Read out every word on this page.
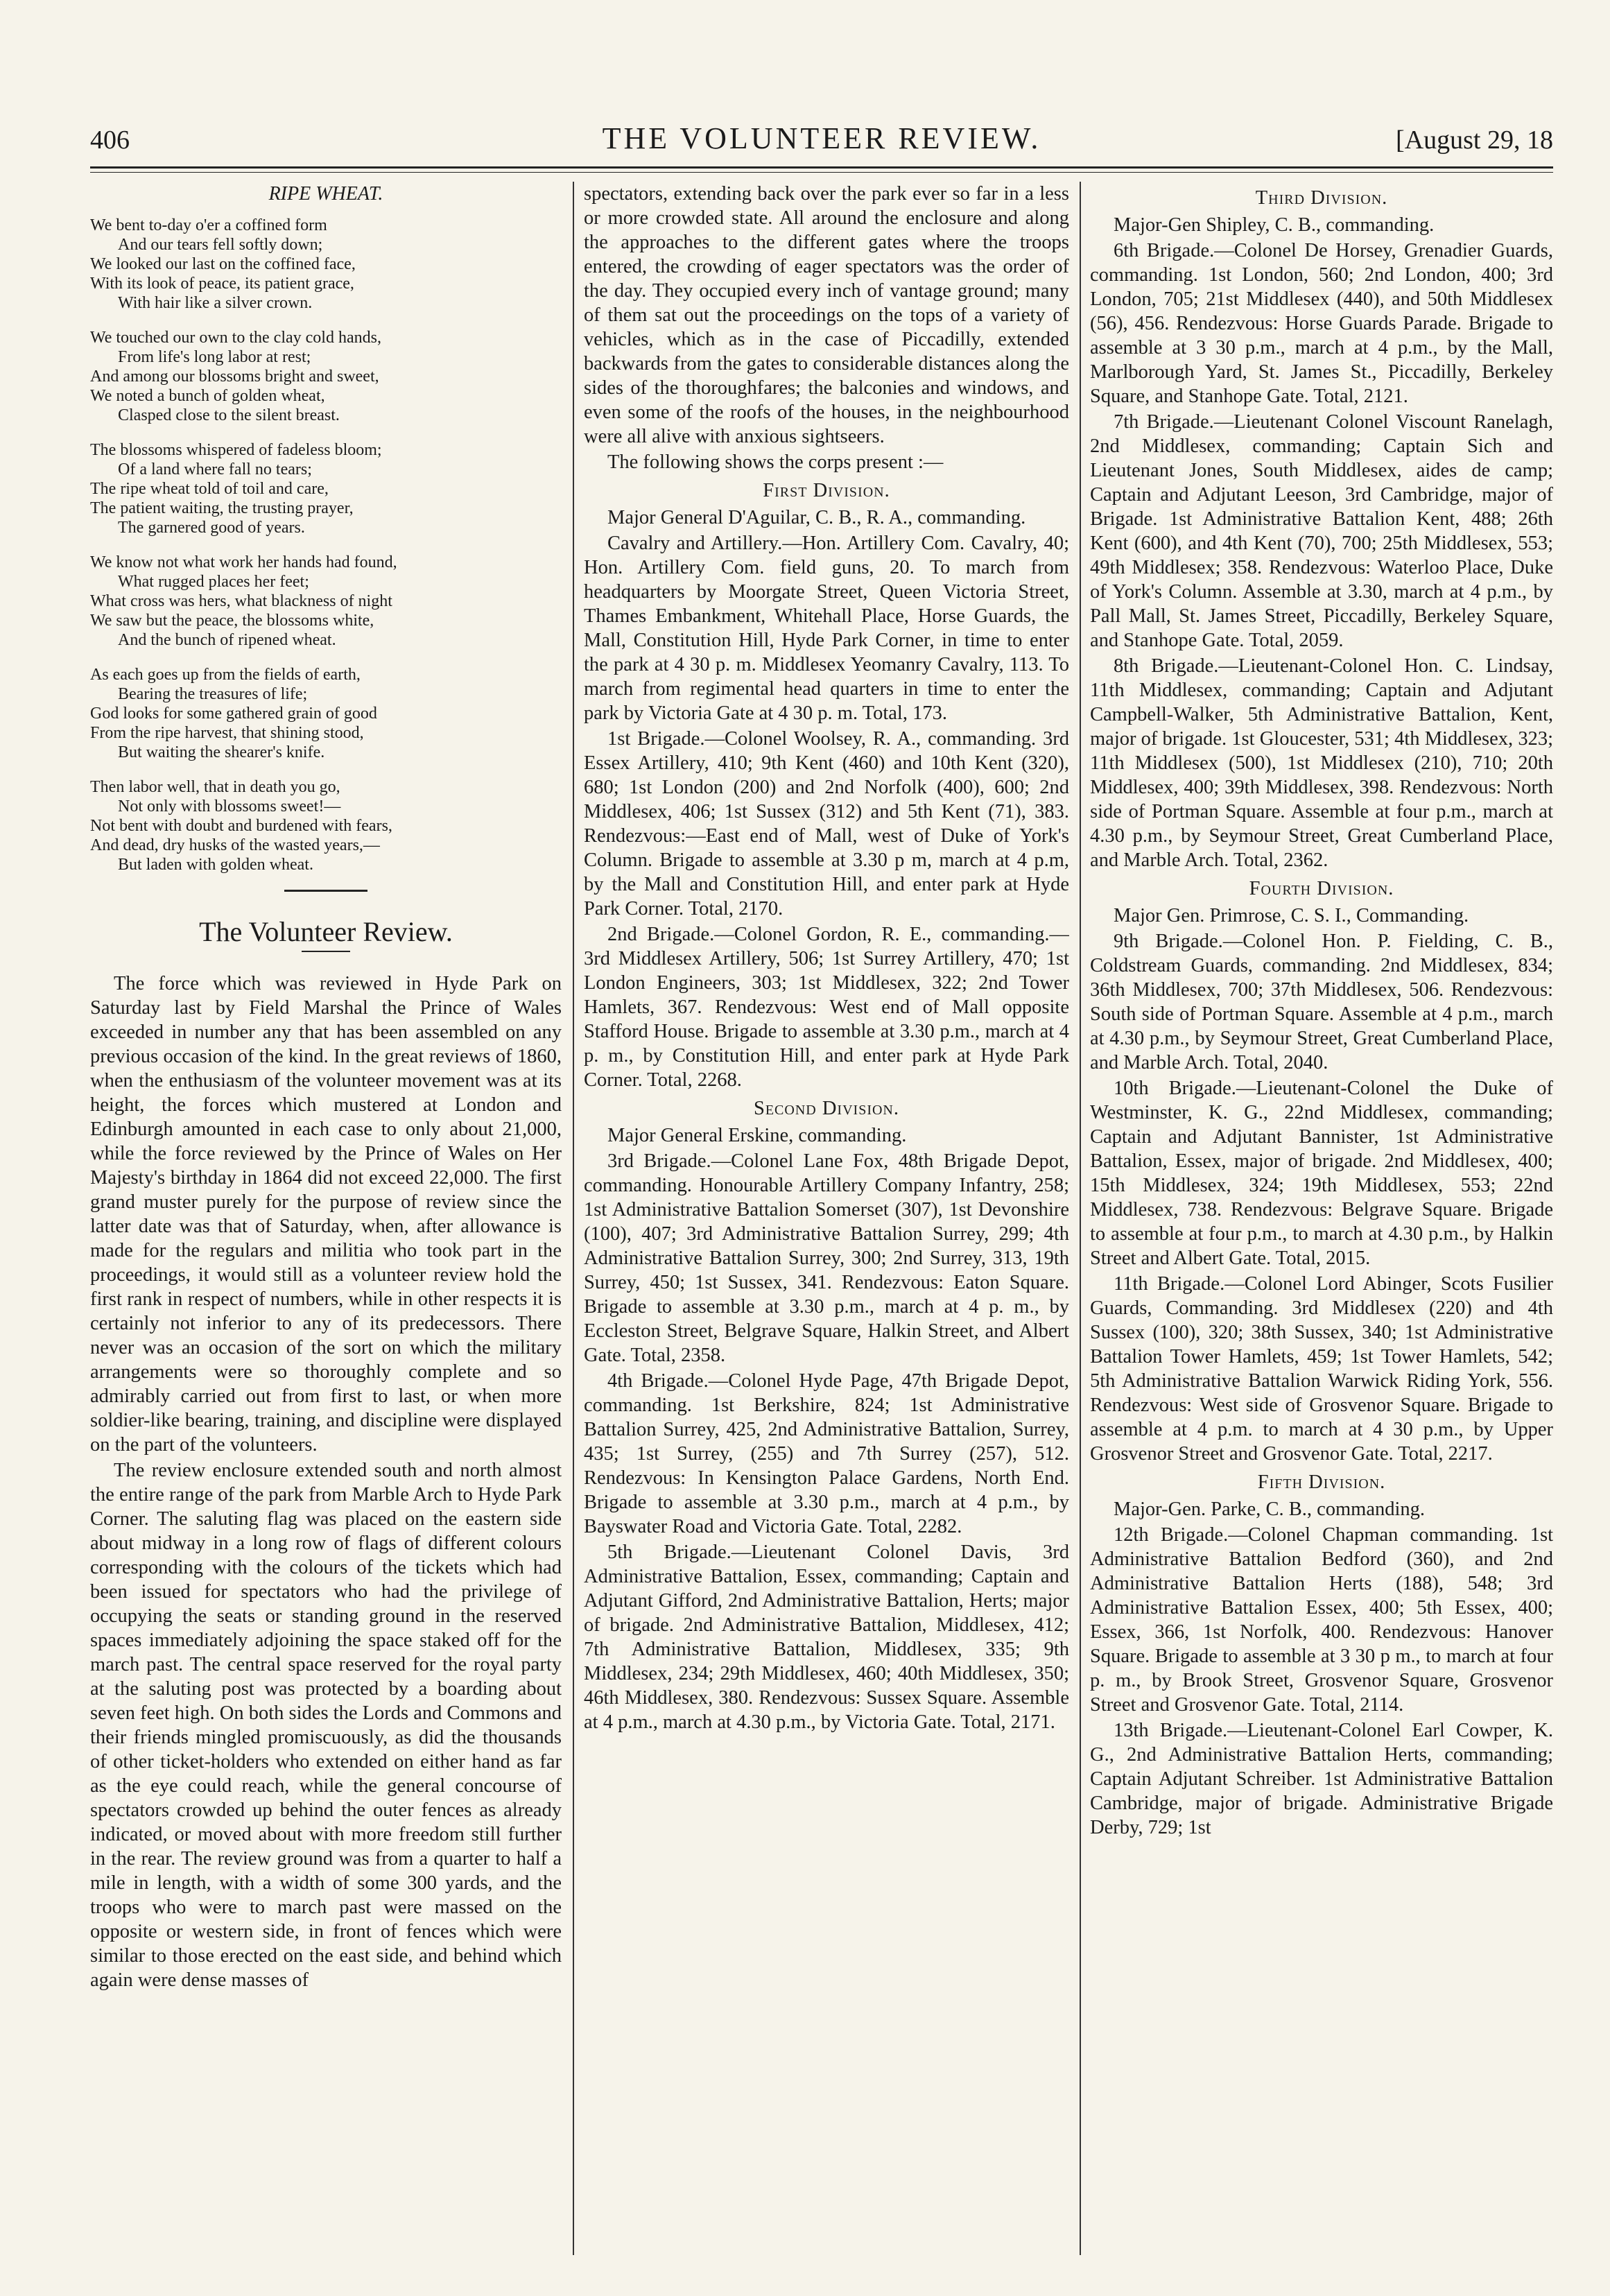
406	THE VOLUNTEER REVIEW.	[August 29, 18
RIPE WHEAT.
We bent to-day o'er a coffined form
And our tears fell softly down;
We looked our last on the coffined face,
With its look of peace, its patient grace,
With hair like a silver crown.
We touched our own to the clay cold hands,
From life's long labor at rest;
And among our blossoms bright and sweet,
We noted a bunch of golden wheat,
Clasped close to the silent breast.
The blossoms whispered of fadeless bloom;
Of a land where fall no tears;
The ripe wheat told of toil and care,
The patient waiting, the trusting prayer,
The garnered good of years.
We know not what work her hands had found,
What rugged places her feet;
What cross was hers, what blackness of night
We saw but the peace, the blossoms white,
And the bunch of ripened wheat.
As each goes up from the fields of earth,
Bearing the treasures of life;
God looks for some gathered grain of good
From the ripe harvest, that shining stood,
But waiting the shearer's knife.
Then labor well, that in death you go,
Not only with blossoms sweet!—
Not bent with doubt and burdened with fears,
And dead, dry husks of the wasted years,—
But laden with golden wheat.
The Volunteer Review.

The force which was reviewed in Hyde Park on Saturday last by Field Marshal the Prince of Wales exceeded in number any that has been assembled on any previous occasion of the kind. In the great reviews of 1860, when the enthusiasm of the volunteer movement was at its height, the forces which mustered at London and Edinburgh amounted in each case to only about 21,000, while the force reviewed by the Prince of Wales on Her Majesty's birthday in 1864 did not exceed 22,000. The first grand muster purely for the purpose of review since the latter date was that of Saturday, when, after allowance is made for the regulars and militia who took part in the proceedings, it would still as a volunteer review hold the first rank in respect of numbers, while in other respects it is certainly not inferior to any of its predecessors. There never was an occasion of the sort on which the military arrangements were so thoroughly complete and so admirably carried out from first to last, or when more soldier-like bearing, training, and discipline were displayed on the part of the volunteers.

The review enclosure extended south and north almost the entire range of the park from Marble Arch to Hyde Park Corner. The saluting flag was placed on the eastern side about midway in a long row of flags of different colours corresponding with the colours of the tickets which had been issued for spectators who had the privilege of occupying the seats or standing ground in the reserved spaces immediately adjoining the space staked off for the march past. The central space reserved for the royal party at the saluting post was protected by a boarding about seven feet high. On both sides the Lords and Commons and their friends mingled promiscuously, as did the thousands of other ticket-holders who extended on either hand as far as the eye could reach, while the general concourse of spectators crowded up behind the outer fences as already indicated, or moved about with more freedom still further in the rear. The review ground was from a quarter to half a mile in length, with a width of some 300 yards, and the troops who were to march past were massed on the opposite or western side, in front of fences which were similar to those erected on the east side, and behind which again were dense masses of

spectators, extending back over the park ever so far in a less or more crowded state. All around the enclosure and along the approaches to the different gates where the troops entered, the crowding of eager spectators was the order of the day. They occupied every inch of vantage ground; many of them sat out the proceedings on the tops of a variety of vehicles, which as in the case of Piccadilly, extended backwards from the gates to considerable distances along the sides of the thoroughfares; the balconies and windows, and even some of the roofs of the houses, in the neighbourhood were all alive with anxious sightseers.

The following shows the corps present :—

First Division.

Major General D'Aguilar, C. B., R. A., commanding.

Cavalry and Artillery.—Hon. Artillery Com. Cavalry, 40; Hon. Artillery Com. field guns, 20. To march from headquarters by Moorgate Street, Queen Victoria Street, Thames Embankment, Whitehall Place, Horse Guards, the Mall, Constitution Hill, Hyde Park Corner, in time to enter the park at 4 30 p. m. Middlesex Yeomanry Cavalry, 113. To march from regimental head quarters in time to enter the park by Victoria Gate at 4 30 p. m. Total, 173.

1st Brigade.—Colonel Woolsey, R. A., commanding. 3rd Essex Artillery, 410; 9th Kent (460) and 10th Kent (320), 680; 1st London (200) and 2nd Norfolk (400), 600; 2nd Middlesex, 406; 1st Sussex (312) and 5th Kent (71), 383. Rendezvous:—East end of Mall, west of Duke of York's Column. Brigade to assemble at 3.30 p m, march at 4 p.m, by the Mall and Constitution Hill, and enter park at Hyde Park Corner. Total, 2170.

2nd Brigade.—Colonel Gordon, R. E., commanding.—3rd Middlesex Artillery, 506; 1st Surrey Artillery, 470; 1st London Engineers, 303; 1st Middlesex, 322; 2nd Tower Hamlets, 367. Rendezvous: West end of Mall opposite Stafford House. Brigade to assemble at 3.30 p.m., march at 4 p. m., by Constitution Hill, and enter park at Hyde Park Corner. Total, 2268.

Second Division.

Major General Erskine, commanding.

3rd Brigade.—Colonel Lane Fox, 48th Brigade Depot, commanding. Honourable Artillery Company Infantry, 258; 1st Administrative Battalion Somerset (307), 1st Devonshire (100), 407; 3rd Administrative Battalion Surrey, 299; 4th Administrative Battalion Surrey, 300; 2nd Surrey, 313, 19th Surrey, 450; 1st Sussex, 341. Rendezvous: Eaton Square. Brigade to assemble at 3.30 p.m., march at 4 p. m., by Eccleston Street, Belgrave Square, Halkin Street, and Albert Gate. Total, 2358.

4th Brigade.—Colonel Hyde Page, 47th Brigade Depot, commanding. 1st Berkshire, 824; 1st Administrative Battalion Surrey, 425, 2nd Administrative Battalion, Surrey, 435; 1st Surrey, (255) and 7th Surrey (257), 512. Rendezvous: In Kensington Palace Gardens, North End. Brigade to assemble at 3.30 p.m., march at 4 p.m., by Bayswater Road and Victoria Gate. Total, 2282.

5th Brigade.—Lieutenant Colonel Davis, 3rd Administrative Battalion, Essex, commanding; Captain and Adjutant Gifford, 2nd Administrative Battalion, Herts; major of brigade. 2nd Administrative Battalion, Middlesex, 412; 7th Administrative Battalion, Middlesex, 335; 9th Middlesex, 234; 29th Middlesex, 460; 40th Middlesex, 350; 46th Middlesex, 380. Rendezvous: Sussex Square. Assemble at 4 p.m., march at 4.30 p.m., by Victoria Gate. Total, 2171.

Third Division.

Major-Gen Shipley, C. B., commanding.

6th Brigade.—Colonel De Horsey, Grenadier Guards, commanding. 1st London, 560; 2nd London, 400; 3rd London, 705; 21st Middlesex (440), and 50th Middlesex (56), 456. Rendezvous: Horse Guards Parade. Brigade to assemble at 3 30 p.m., march at 4 p.m., by the Mall, Marlborough Yard, St. James St., Piccadilly, Berkeley Square, and Stanhope Gate. Total, 2121.

7th Brigade.—Lieutenant Colonel Viscount Ranelagh, 2nd Middlesex, commanding; Captain Sich and Lieutenant Jones, South Middlesex, aides de camp; Captain and Adjutant Leeson, 3rd Cambridge, major of Brigade. 1st Administrative Battalion Kent, 488; 26th Kent (600), and 4th Kent (70), 700; 25th Middlesex, 553; 49th Middlesex; 358. Rendezvous: Waterloo Place, Duke of York's Column. Assemble at 3.30, march at 4 p.m., by Pall Mall, St. James Street, Piccadilly, Berkeley Square, and Stanhope Gate. Total, 2059.

8th Brigade.—Lieutenant-Colonel Hon. C. Lindsay, 11th Middlesex, commanding; Captain and Adjutant Campbell-Walker, 5th Administrative Battalion, Kent, major of brigade. 1st Gloucester, 531; 4th Middlesex, 323; 11th Middlesex (500), 1st Middlesex (210), 710; 20th Middlesex, 400; 39th Middlesex, 398. Rendezvous: North side of Portman Square. Assemble at four p.m., march at 4.30 p.m., by Seymour Street, Great Cumberland Place, and Marble Arch. Total, 2362.

Fourth Division.

Major Gen. Primrose, C. S. I., Commanding.

9th Brigade.—Colonel Hon. P. Fielding, C. B., Coldstream Guards, commanding. 2nd Middlesex, 834; 36th Middlesex, 700; 37th Middlesex, 506. Rendezvous: South side of Portman Square. Assemble at 4 p.m., march at 4.30 p.m., by Seymour Street, Great Cumberland Place, and Marble Arch. Total, 2040.

10th Brigade.—Lieutenant-Colonel the Duke of Westminster, K. G., 22nd Middlesex, commanding; Captain and Adjutant Bannister, 1st Administrative Battalion, Essex, major of brigade. 2nd Middlesex, 400; 15th Middlesex, 324; 19th Middlesex, 553; 22nd Middlesex, 738. Rendezvous: Belgrave Square. Brigade to assemble at four p.m., to march at 4.30 p.m., by Halkin Street and Albert Gate. Total, 2015.

11th Brigade.—Colonel Lord Abinger, Scots Fusilier Guards, Commanding. 3rd Middlesex (220) and 4th Sussex (100), 320; 38th Sussex, 340; 1st Administrative Battalion Tower Hamlets, 459; 1st Tower Hamlets, 542; 5th Administrative Battalion Warwick Riding York, 556. Rendezvous: West side of Grosvenor Square. Brigade to assemble at 4 p.m. to march at 4 30 p.m., by Upper Grosvenor Street and Grosvenor Gate. Total, 2217.

Fifth Division.

Major-Gen. Parke, C. B., commanding.

12th Brigade.—Colonel Chapman commanding. 1st Administrative Battalion Bedford (360), and 2nd Administrative Battalion Herts (188), 548; 3rd Administrative Battalion Essex, 400; 5th Essex, 400; Essex, 366, 1st Norfolk, 400. Rendezvous: Hanover Square. Brigade to assemble at 3 30 p m., to march at four p. m., by Brook Street, Grosvenor Square, Grosvenor Street and Grosvenor Gate. Total, 2114.

13th Brigade.—Lieutenant-Colonel Earl Cowper, K. G., 2nd Administrative Battalion Herts, commanding; Captain Adjutant Schreiber. 1st Administrative Battalion Cambridge, major of brigade. Administrative Brigade Derby, 729; 1st
